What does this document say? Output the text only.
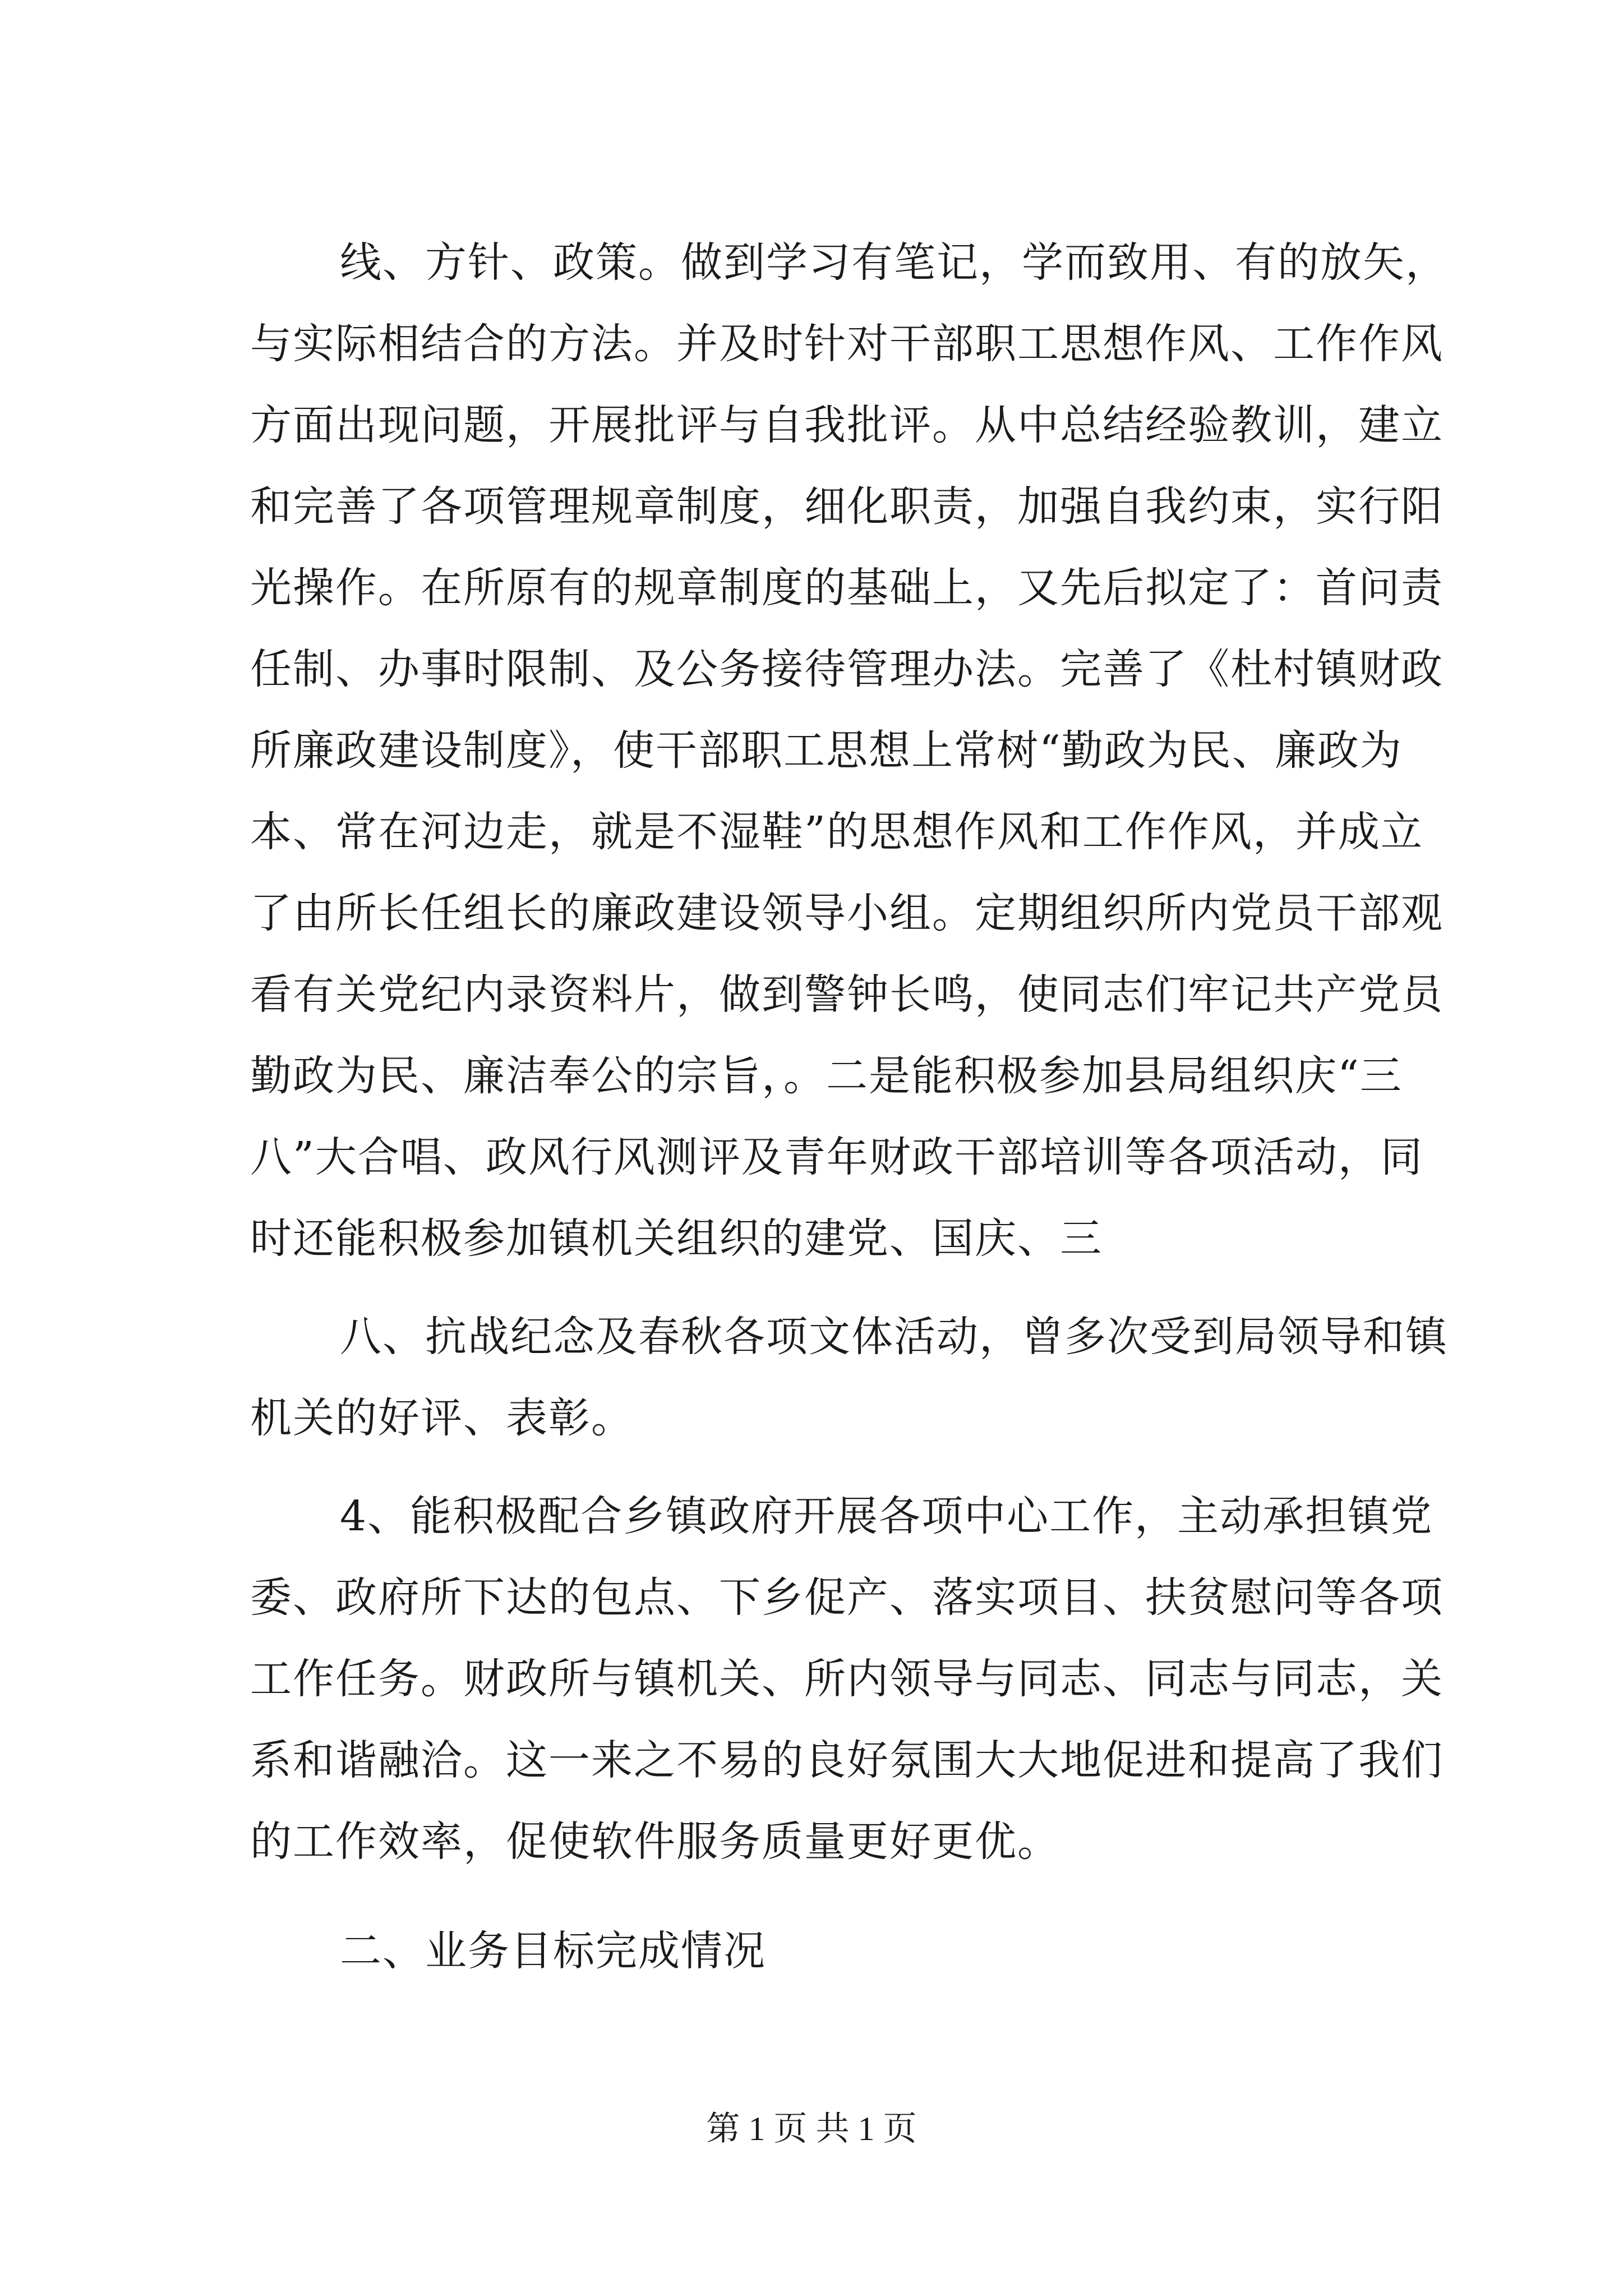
线、方针、政策。做到学习有笔记，学而致用、有的放矢，
与实际相结合的方法。并及时针对干部职工思想作风、工作作风
方面出现问题，开展批评与自我批评。从中总结经验教训，建立
和完善了各项管理规章制度，细化职责，加强自我约束，实行阳
光操作。在所原有的规章制度的基础上，又先后拟定了：首问责
任制、办事时限制、及公务接待管理办法。完善了《杜村镇财政
所廉政建设制度》，使干部职工思想上常树“勤政为民、廉政为
本、常在河边走，就是不湿鞋”的思想作风和工作作风，并成立
了由所长任组长的廉政建设领导小组。定期组织所内党员干部观
看有关党纪内录资料片，做到警钟长鸣，使同志们牢记共产党员
勤政为民、廉洁奉公的宗旨，。二是能积极参加县局组织庆“三
八”大合唱、政风行风测评及青年财政干部培训等各项活动，同
时还能积极参加镇机关组织的建党、国庆、三
八、抗战纪念及春秋各项文体活动，曾多次受到局领导和镇
机关的好评、表彰。
4、能积极配合乡镇政府开展各项中心工作，主动承担镇党
委、政府所下达的包点、下乡促产、落实项目、扶贫慰问等各项
工作任务。财政所与镇机关、所内领导与同志、同志与同志，关
系和谐融洽。这一来之不易的良好氛围大大地促进和提高了我们
的工作效率，促使软件服务质量更好更优。
二、业务目标完成情况
第 1 页 共 1 页
